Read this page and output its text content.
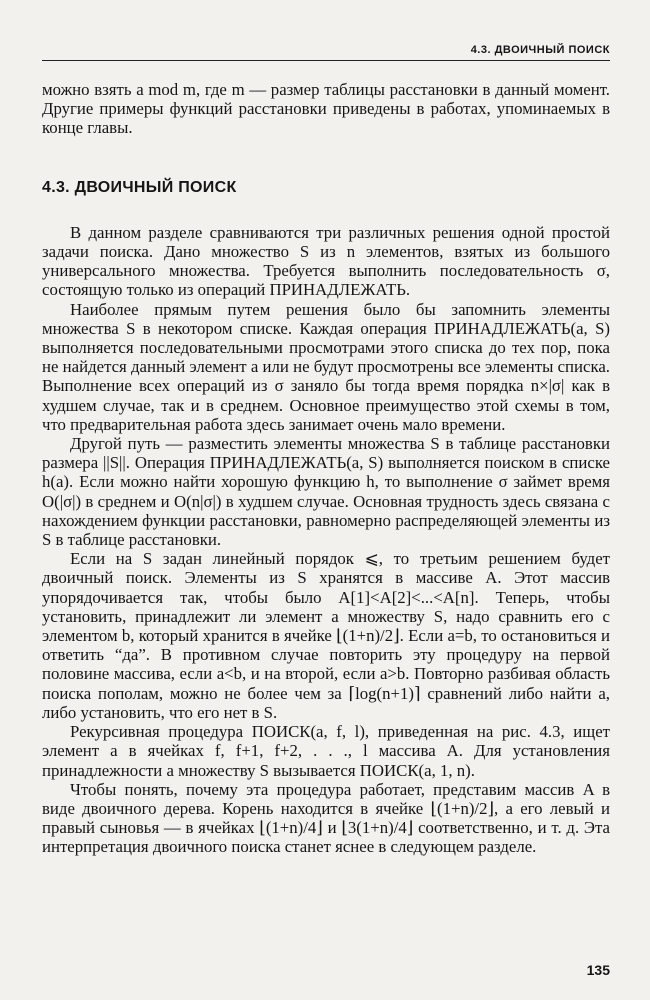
4.3. ДВОИЧНЫЙ ПОИСК

можно взять a mod m, где m — размер таблицы расстановки в данный момент. Другие примеры функций расстановки приведены в работах, упоминаемых в конце главы.

4.3. ДВОИЧНЫЙ ПОИСК

В данном разделе сравниваются три различных решения одной простой задачи поиска. Дано множество S из n элементов, взятых из большого универсального множества. Требуется выполнить последовательность σ, состоящую только из операций ПРИНАДЛЕЖАТЬ.

Наиболее прямым путем решения было бы запомнить элементы множества S в некотором списке. Каждая операция ПРИНАДЛЕЖАТЬ(a, S) выполняется последовательными просмотрами этого списка до тех пор, пока не найдется данный элемент a или не будут просмотрены все элементы списка. Выполнение всех операций из σ заняло бы тогда время порядка n×|σ| как в худшем случае, так и в среднем. Основное преимущество этой схемы в том, что предварительная работа здесь занимает очень мало времени.

Другой путь — разместить элементы множества S в таблице расстановки размера ||S||. Операция ПРИНАДЛЕЖАТЬ(a, S) выполняется поиском в списке h(a). Если можно найти хорошую функцию h, то выполнение σ займет время O(|σ|) в среднем и O(n|σ|) в худшем случае. Основная трудность здесь связана с нахождением функции расстановки, равномерно распределяющей элементы из S в таблице расстановки.

Если на S задан линейный порядок ⩽, то третьим решением будет двоичный поиск. Элементы из S хранятся в массиве A. Этот массив упорядочивается так, чтобы было A[1]<A[2]<...<A[n]. Теперь, чтобы установить, принадлежит ли элемент a множеству S, надо сравнить его с элементом b, который хранится в ячейке ⌊(1+n)/2⌋. Если a=b, то остановиться и ответить “да”. В противном случае повторить эту процедуру на первой половине массива, если a<b, и на второй, если a>b. Повторно разбивая область поиска пополам, можно не более чем за ⌈log(n+1)⌉ сравнений либо найти a, либо установить, что его нет в S.

Рекурсивная процедура ПОИСК(a, f, l), приведенная на рис. 4.3, ищет элемент a в ячейках f, f+1, f+2, . . ., l массива A. Для установления принадлежности a множеству S вызывается ПОИСК(a, 1, n).

Чтобы понять, почему эта процедура работает, представим массив A в виде двоичного дерева. Корень находится в ячейке ⌊(1+n)/2⌋, а его левый и правый сыновья — в ячейках ⌊(1+n)/4⌋ и ⌊3(1+n)/4⌋ соответственно, и т. д. Эта интерпретация двоичного поиска станет яснее в следующем разделе.

135
